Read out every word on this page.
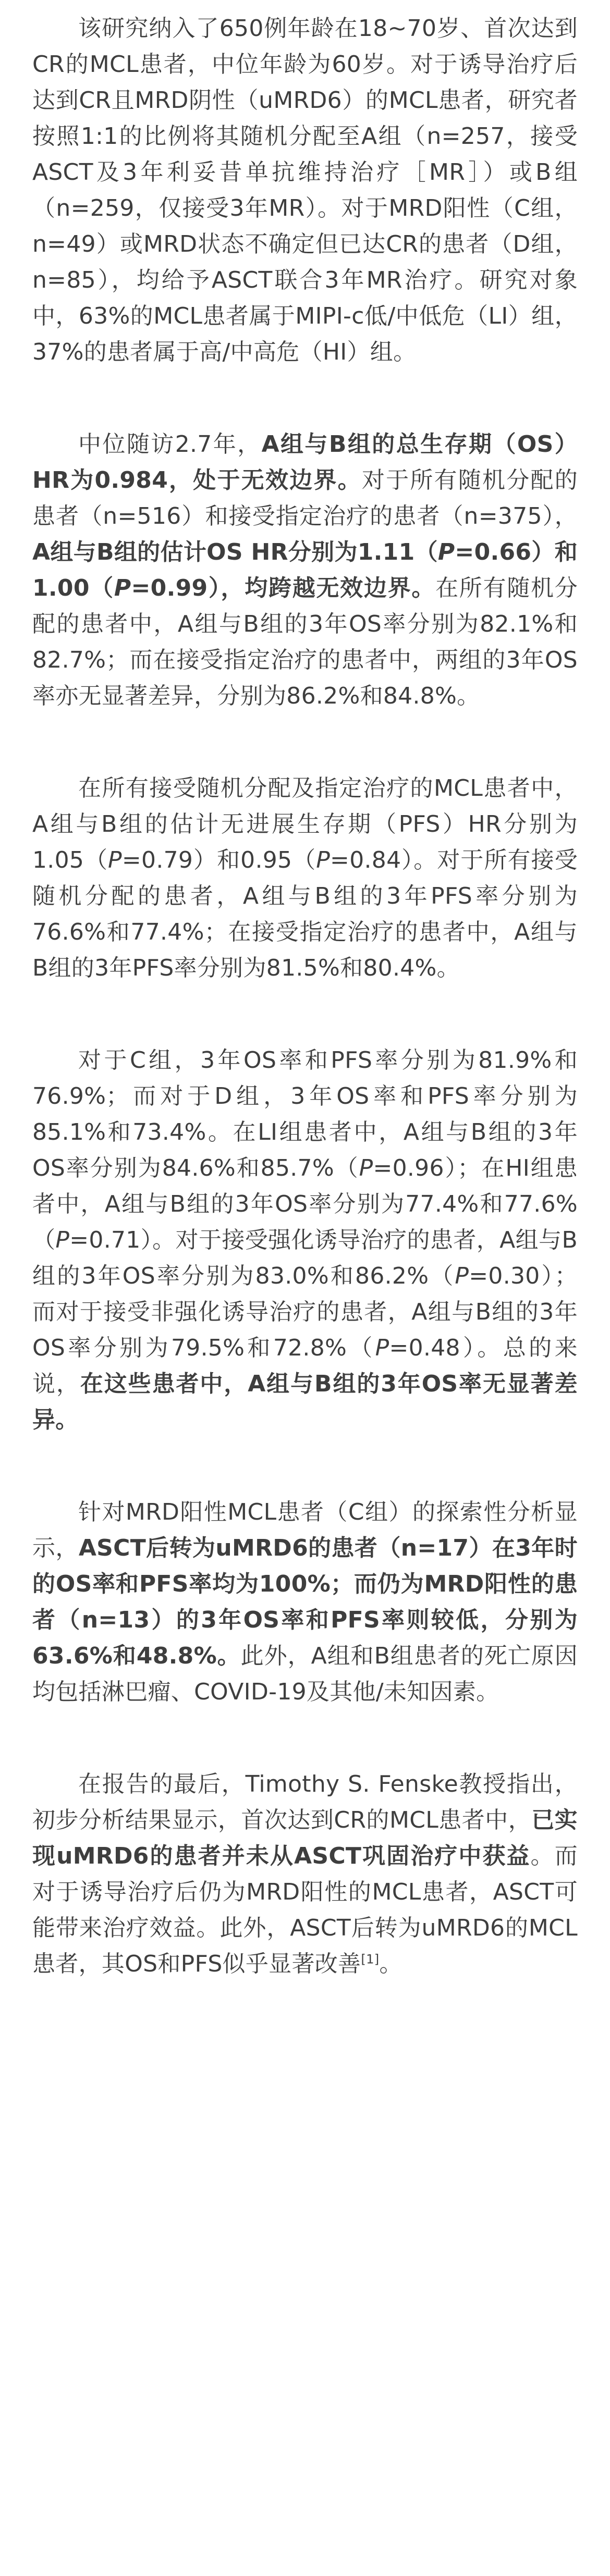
该研究纳入了650例年龄在18~70岁、首次达到CR的MCL患者，中位年龄为60岁。对于诱导治疗后达到CR且MRD阴性（uMRD6）的MCL患者，研究者按照1:1的比例将其随机分配至A组（n=257，接受ASCT及3年利妥昔单抗维持治疗［MR］）或B组（n=259，仅接受3年MR）。对于MRD阳性（C组，n=49）或MRD状态不确定但已达CR的患者（D组，n=85），均给予ASCT联合3年MR治疗。研究对象中，63%的MCL患者属于MIPI-c低/中低危（LI）组，37%的患者属于高/中高危（HI）组。

中位随访2.7年，A组与B组的总生存期（OS）HR为0.984，处于无效边界。对于所有随机分配的患者（n=516）和接受指定治疗的患者（n=375），A组与B组的估计OS HR分别为1.11（P=0.66）和1.00（P=0.99），均跨越无效边界。在所有随机分配的患者中，A组与B组的3年OS率分别为82.1%和82.7%；而在接受指定治疗的患者中，两组的3年OS率亦无显著差异，分别为86.2%和84.8%。

在所有接受随机分配及指定治疗的MCL患者中，A组与B组的估计无进展生存期（PFS）HR分别为1.05（P=0.79）和0.95（P=0.84）。对于所有接受随机分配的患者，A组与B组的3年PFS率分别为76.6%和77.4%；在接受指定治疗的患者中，A组与B组的3年PFS率分别为81.5%和80.4%。

对于C组，3年OS率和PFS率分别为81.9%和76.9%；而对于D组，3年OS率和PFS率分别为85.1%和73.4%。在LI组患者中，A组与B组的3年OS率分别为84.6%和85.7%（P=0.96）；在HI组患者中，A组与B组的3年OS率分别为77.4%和77.6%（P=0.71）。对于接受强化诱导治疗的患者，A组与B组的3年OS率分别为83.0%和86.2%（P=0.30）；而对于接受非强化诱导治疗的患者，A组与B组的3年OS率分别为79.5%和72.8%（P=0.48）。总的来说，在这些患者中，A组与B组的3年OS率无显著差异。

针对MRD阳性MCL患者（C组）的探索性分析显示，ASCT后转为uMRD6的患者（n=17）在3年时的OS率和PFS率均为100%；而仍为MRD阳性的患者（n=13）的3年OS率和PFS率则较低，分别为63.6%和48.8%。此外，A组和B组患者的死亡原因均包括淋巴瘤、COVID-19及其他/未知因素。

在报告的最后，Timothy S. Fenske教授指出，初步分析结果显示，首次达到CR的MCL患者中，已实现uMRD6的患者并未从ASCT巩固治疗中获益。而对于诱导治疗后仍为MRD阳性的MCL患者，ASCT可能带来治疗效益。此外，ASCT后转为uMRD6的MCL患者，其OS和PFS似乎显著改善[1]。
